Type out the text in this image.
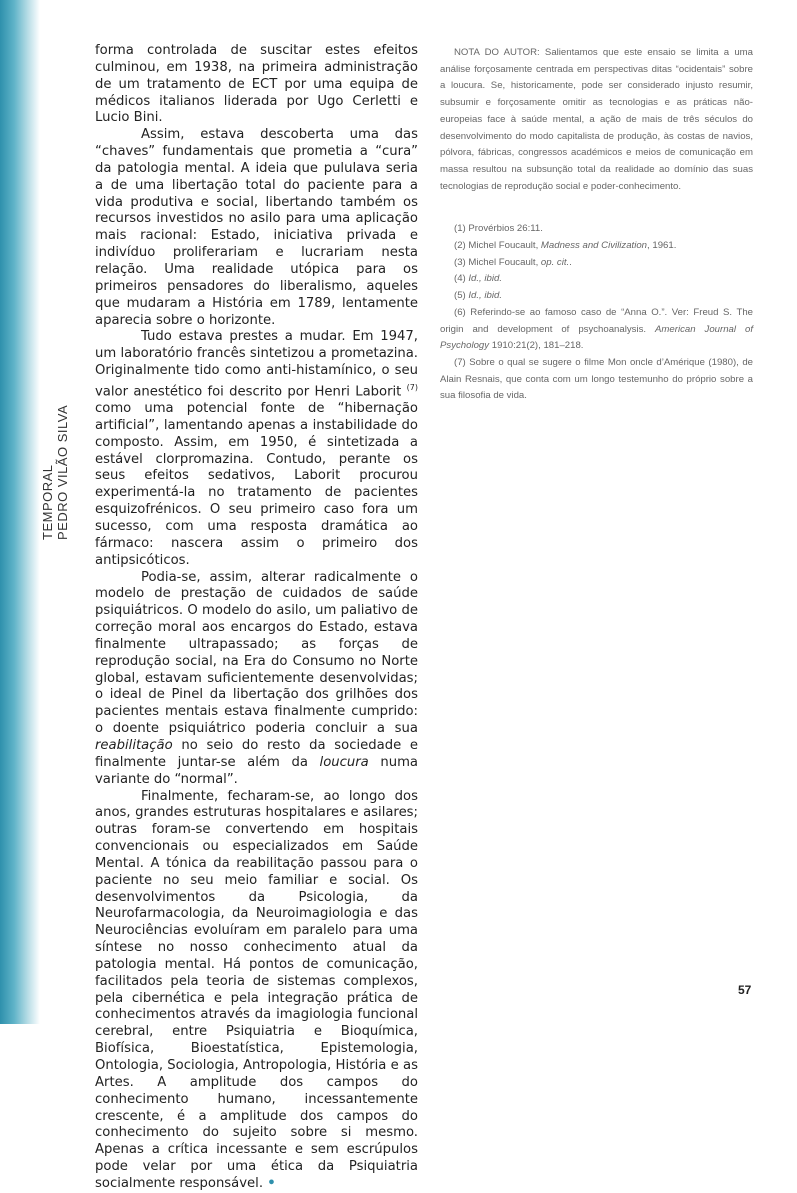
TEMPORAL PEDRO VILÃO SILVA

forma controlada de suscitar estes efeitos culminou, em 1938, na primeira administração de um tratamento de ECT por uma equipa de médicos italianos liderada por Ugo Cerletti e Lucio Bini.

Assim, estava descoberta uma das “chaves” fundamentais que prometia a “cura” da patologia mental. A ideia que pululava seria a de uma libertação total do paciente para a vida produtiva e social, libertando também os recursos investidos no asilo para uma aplicação mais racional: Estado, iniciativa privada e indivíduo proliferariam e lucrariam nesta relação. Uma realidade utópica para os primeiros pensadores do liberalismo, aqueles que mudaram a História em 1789, lentamente aparecia sobre o horizonte.

Tudo estava prestes a mudar. Em 1947, um laboratório francês sintetizou a prometazina. Originalmente tido como anti-histamínico, o seu valor anestético foi descrito por Henri Laborit $^{(7)}$ como uma potencial fonte de “hibernação artificial”, lamentando apenas a instabilidade do composto. Assim, em 1950, é sintetizada a estável clorpromazina. Contudo, perante os seus efeitos sedativos, Laborit procurou experimentá-la no tratamento de pacientes esquizofrénicos. O seu primeiro caso fora um sucesso, com uma resposta dramática ao fármaco: nascera assim o primeiro dos antipsicóticos.

Podia-se, assim, alterar radicalmente o modelo de prestação de cuidados de saúde psiquiátricos. O modelo do asilo, um paliativo de correção moral aos encargos do Estado, estava finalmente ultrapassado; as forças de reprodução social, na Era do Consumo no Norte global, estavam suficientemente desenvolvidas; o ideal de Pinel da libertação dos grilhões dos pacientes mentais estava finalmente cumprido: o doente psiquiátrico poderia concluir a sua reabilitação no seio do resto da sociedade e finalmente juntar-se além da loucura numa variante do “normal”.

Finalmente, fecharam-se, ao longo dos anos, grandes estruturas hospitalares e asilares; outras foram-se convertendo em hospitais convencionais ou especializados em Saúde Mental. A tónica da reabilitação passou para o paciente no seu meio familiar e social. Os desenvolvimentos da Psicologia, da Neurofarmacologia, da Neuroimagiologia e das Neurociências evoluíram em paralelo para uma síntese no nosso conhecimento atual da patologia mental. Há pontos de comunicação, facilitados pela teoria de sistemas complexos, pela cibernética e pela integração prática de conhecimentos através da imagiologia funcional cerebral, entre Psiquiatria e Bioquímica, Biofísica, Bioestatística, Epistemologia, Ontologia, Sociologia, Antropologia, História e as Artes. A amplitude dos campos do conhecimento humano, incessantemente crescente, é a amplitude dos campos do conhecimento do sujeito sobre si mesmo. Apenas a crítica incessante e sem escrúpulos pode velar por uma ética da Psiquiatria socialmente responsável. •

NOTA DO AUTOR: Salientamos que este ensaio se limita a uma análise forçosamente centrada em perspectivas ditas “ocidentais” sobre a loucura. Se, historicamente, pode ser considerado injusto resumir, subsumir e forçosamente omitir as tecnologias e as práticas não-europeias face à saúde mental, a ação de mais de três séculos do desenvolvimento do modo capitalista de produção, às costas de navios, pólvora, fábricas, congressos académicos e meios de comunicação em massa resultou na subsunção total da realidade ao domínio das suas tecnologias de reprodução social e poder-conhecimento.

(1) Provérbios 26:11.

(2) Michel Foucault, Madness and Civilization, 1961.

(3) Michel Foucault, op. cit..

(4) Id., ibid.

(5) Id., ibid.

(6) Referindo-se ao famoso caso de “Anna O.”. Ver: Freud S. The origin and development of psychoanalysis. American Journal of Psychology 1910:21(2), 181–218.

(7) Sobre o qual se sugere o filme Mon oncle d’Amérique (1980), de Alain Resnais, que conta com um longo testemunho do próprio sobre a sua filosofia de vida.

57
